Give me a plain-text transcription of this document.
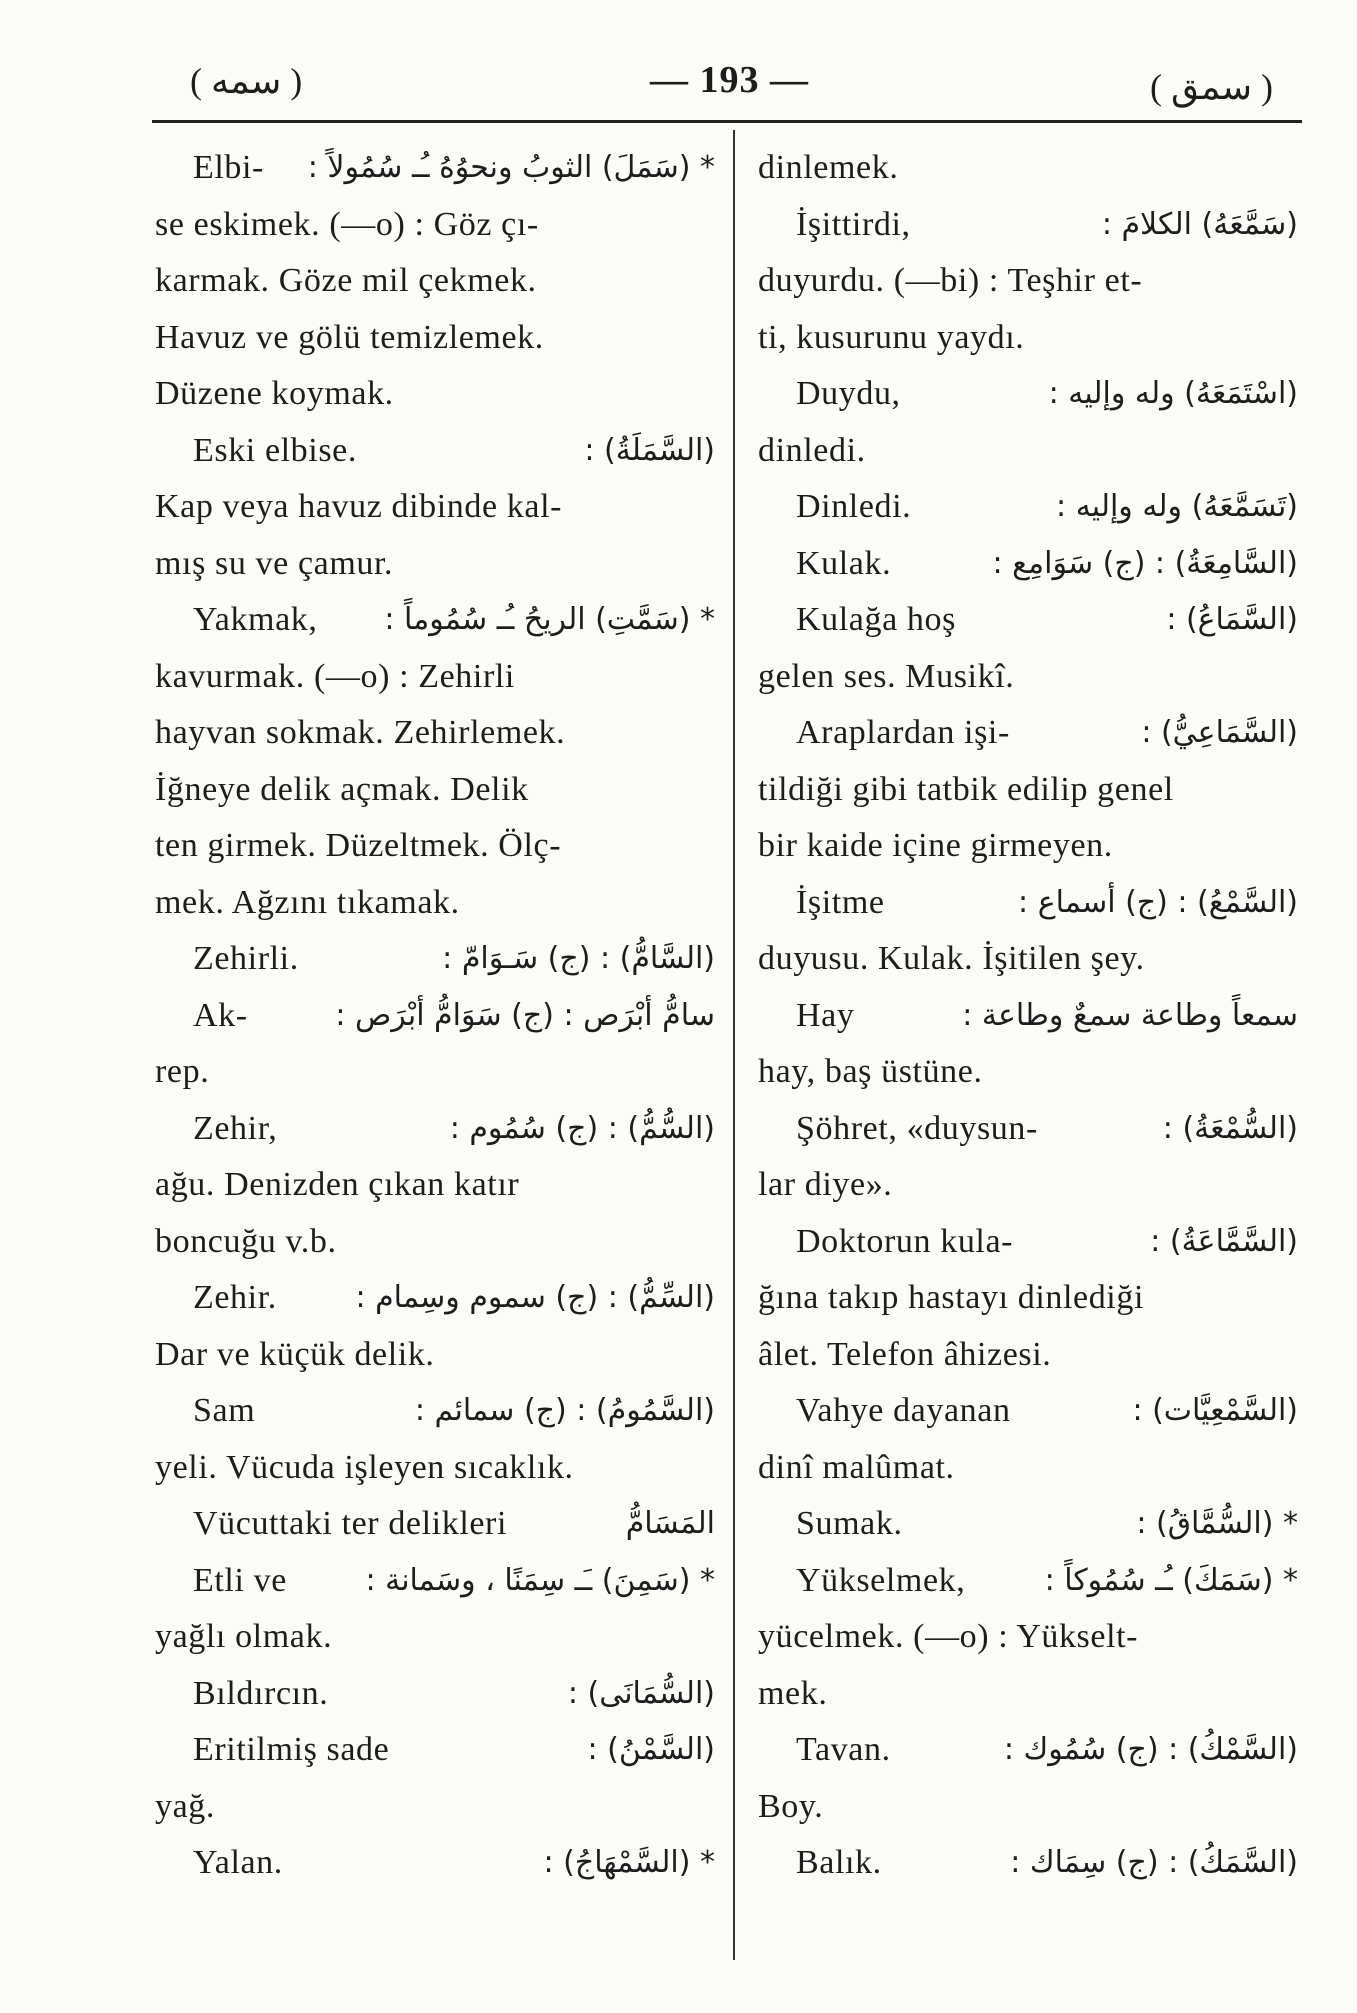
( سمه )	— 193 —	( سمق )
Elbi- * (سَمَلَ) الثوبُ ونحوُهُ ـُـ سُمُولاً :
se eskimek. (—o) : Göz çı-
karmak. Göze mil çekmek.
Havuz ve gölü temizlemek.
Düzene koymak.
Eski elbise.	(السَّمَلَةُ) :
Kap veya havuz dibinde kal-
mış su ve çamur.
Yakmak, * (سَمَّتِ) الريحُ ـُـ سُمُوماً :
kavurmak. (—o) : Zehirli
hayvan sokmak. Zehirlemek.
İğneye delik açmak. Delik
ten girmek. Düzeltmek. Ölç-
mek. Ağzını tıkamak.
Zehirli.	(السَّامُّ) : (ج) سَـوَامّ :
Ak-	سامُّ أبْرَص : (ج) سَوَامُّ أبْرَص :
rep.
Zehir,	(السُّمُّ) : (ج) سُمُوم :
ağu. Denizden çıkan katır
boncuğu v.b.
Zehir.	(السِّمُّ) : (ج) سموم وسِمام :
Dar ve küçük delik.
Sam	(السَّمُومُ) : (ج) سمائم :
yeli. Vücuda işleyen sıcaklık.
Vücuttaki ter delikleri	المَسَامُّ
Etli ve	* (سَمِنَ) ـَـ سِمَنًا ، وسَمانة :
yağlı olmak.
Bıldırcın.	(السُّمَانَى) :
Eritilmiş sade	(السَّمْنُ) :
yağ.
Yalan.	* (السَّمْهَاجُ) :
dinlemek.
İşittirdi,	(سَمَّعَهُ) الكلامَ :
duyurdu. (—bi) : Teşhir et-
ti, kusurunu yaydı.
Duydu,	(اسْتَمَعَهُ) وله وإليه :
dinledi.
Dinledi.	(تَسَمَّعَهُ) وله وإليه :
Kulak.	(السَّامِعَةُ) : (ج) سَوَامِع :
Kulağa hoş	(السَّمَاعُ) :
gelen ses. Musikî.
Araplardan işi-	(السَّمَاعِيُّ) :
tildiği gibi tatbik edilip genel
bir kaide içine girmeyen.
İşitme	(السَّمْعُ) : (ج) أسماع :
duyusu. Kulak. İşitilen şey.
Hay	سمعاً وطاعة سمعٌ وطاعة :
hay, baş üstüne.
Şöhret, «duysun-	(السُّمْعَةُ) :
lar diye».
Doktorun kula-	(السَّمَّاعَةُ) :
ğına takıp hastayı dinlediği
âlet. Telefon âhizesi.
Vahye dayanan	(السَّمْعِيَّات) :
dinî malûmat.
Sumak.	* (السُّمَّاقُ) :
Yükselmek,	* (سَمَكَ) ـُـ سُمُوكاً :
yücelmek. (—o) : Yükselt-
mek.
Tavan.	(السَّمْكُ) : (ج) سُمُوك :
Boy.
Balık.	(السَّمَكُ) : (ج) سِمَاك :
